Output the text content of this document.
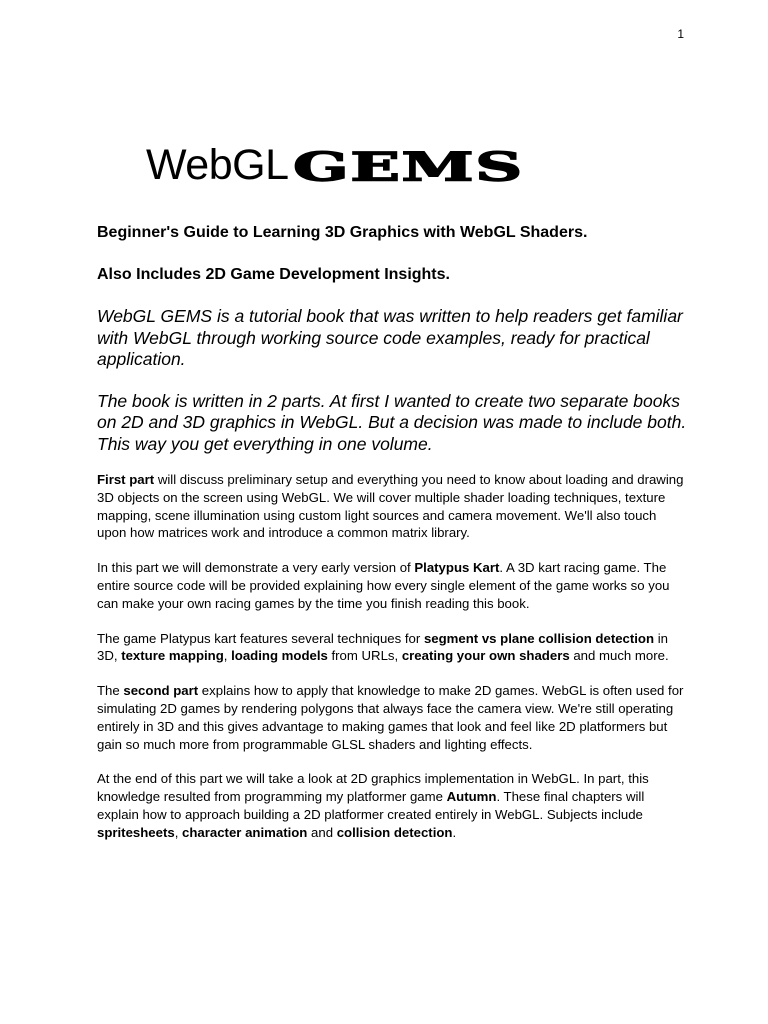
1
WebGLGEMS

Beginner's Guide to Learning 3D Graphics with WebGL Shaders.

Also Includes 2D Game Development Insights.

WebGL GEMS is a tutorial book that was written to help readers get familiar with WebGL through working source code examples, ready for practical application.

The book is written in 2 parts. At first I wanted to create two separate books on 2D and 3D graphics in WebGL. But a decision was made to include both. This way you get everything in one volume.

First part will discuss preliminary setup and everything you need to know about loading and drawing 3D objects on the screen using WebGL. We will cover multiple shader loading techniques, texture mapping, scene illumination using custom light sources and camera movement. We'll also touch upon how matrices work and introduce a common matrix library.

In this part we will demonstrate a very early version of Platypus Kart. A 3D kart racing game. The entire source code will be provided explaining how every single element of the game works so you can make your own racing games by the time you finish reading this book.

The game Platypus kart features several techniques for segment vs plane collision detection in 3D, texture mapping, loading models from URLs, creating your own shaders and much more.

The second part explains how to apply that knowledge to make 2D games. WebGL is often used for simulating 2D games by rendering polygons that always face the camera view. We're still operating entirely in 3D and this gives advantage to making games that look and feel like 2D platformers but gain so much more from programmable GLSL shaders and lighting effects.

At the end of this part we will take a look at 2D graphics implementation in WebGL. In part, this knowledge resulted from programming my platformer game Autumn. These final chapters will explain how to approach building a 2D platformer created entirely in WebGL. Subjects include spritesheets, character animation and collision detection.
